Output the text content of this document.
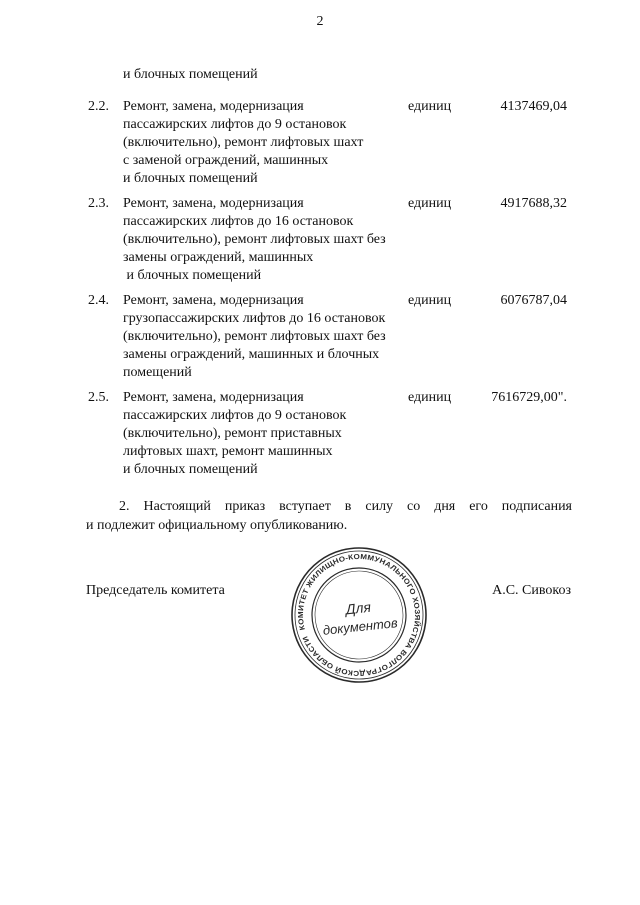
2
и блочных помещений
2.2. Ремонт, замена, модернизация
пассажирских лифтов до 9 остановок
(включительно), ремонт лифтовых шахт
с заменой ограждений, машинных
и блочных помещений
единиц	4137469,04
2.3. Ремонт, замена, модернизация
пассажирских лифтов до 16 остановок
(включительно), ремонт лифтовых шахт без
замены ограждений, машинных
и блочных помещений
единиц	4917688,32
2.4. Ремонт, замена, модернизация
грузопассажирских лифтов до 16 остановок
(включительно), ремонт лифтовых шахт без
замены ограждений, машинных и блочных
помещений
единиц	6076787,04
2.5. Ремонт, замена, модернизация
пассажирских лифтов до 9 остановок
(включительно), ремонт приставных
лифтовых шахт, ремонт машинных
и блочных помещений
единиц	7616729,00".
2. Настоящий приказ вступает в силу со дня его подписания
и подлежит официальному опубликованию.
Председатель комитета	А.С. Сивокоз
КОМИТЕТ ЖИЛИЩНО-КОММУНАЛЬНОГО ХОЗЯЙСТВА ВОЛГОГРАДСКОЙ ОБЛАСТИ
Для
документов
